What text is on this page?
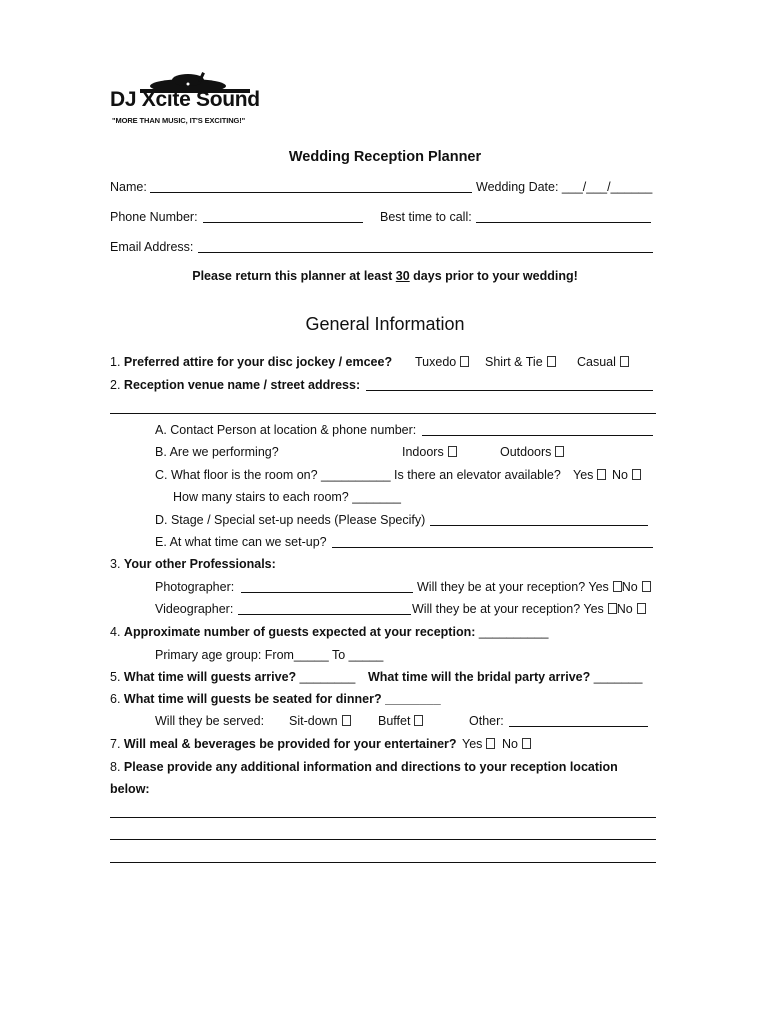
DJ Xcite Sound
"MORE THAN MUSIC, IT'S EXCITING!"
Wedding Reception Planner
Name:	Wedding Date: ___/___/______
Phone Number:	Best time to call:
Email Address:
Please return this planner at least 30 days prior to your wedding!
General Information
1. Preferred attire for your disc jockey / emcee? Tuxedo	Shirt & Tie	Casual
2. Reception venue name / street address:
A. Contact Person at location & phone number:
B. Are we performing?	Indoors	Outdoors
C. What floor is the room on? __________ Is there an elevator available? Yes	No
How many stairs to each room? _______
D. Stage / Special set-up needs (Please Specify)
E. At what time can we set-up?
3. Your other Professionals:
Photographer:	Will they be at your reception? Yes No
Videographer:	Will they be at your reception? Yes No
4. Approximate number of guests expected at your reception: __________
Primary age group: From_____ To _____
5. What time will guests arrive? ________ What time will the bridal party arrive? _______
6. What time will guests be seated for dinner? ________
Will they be served: Sit-down	Buffet	Other:
7. Will meal & beverages be provided for your entertainer? Yes	No
8. Please provide any additional information and directions to your reception location
below:
